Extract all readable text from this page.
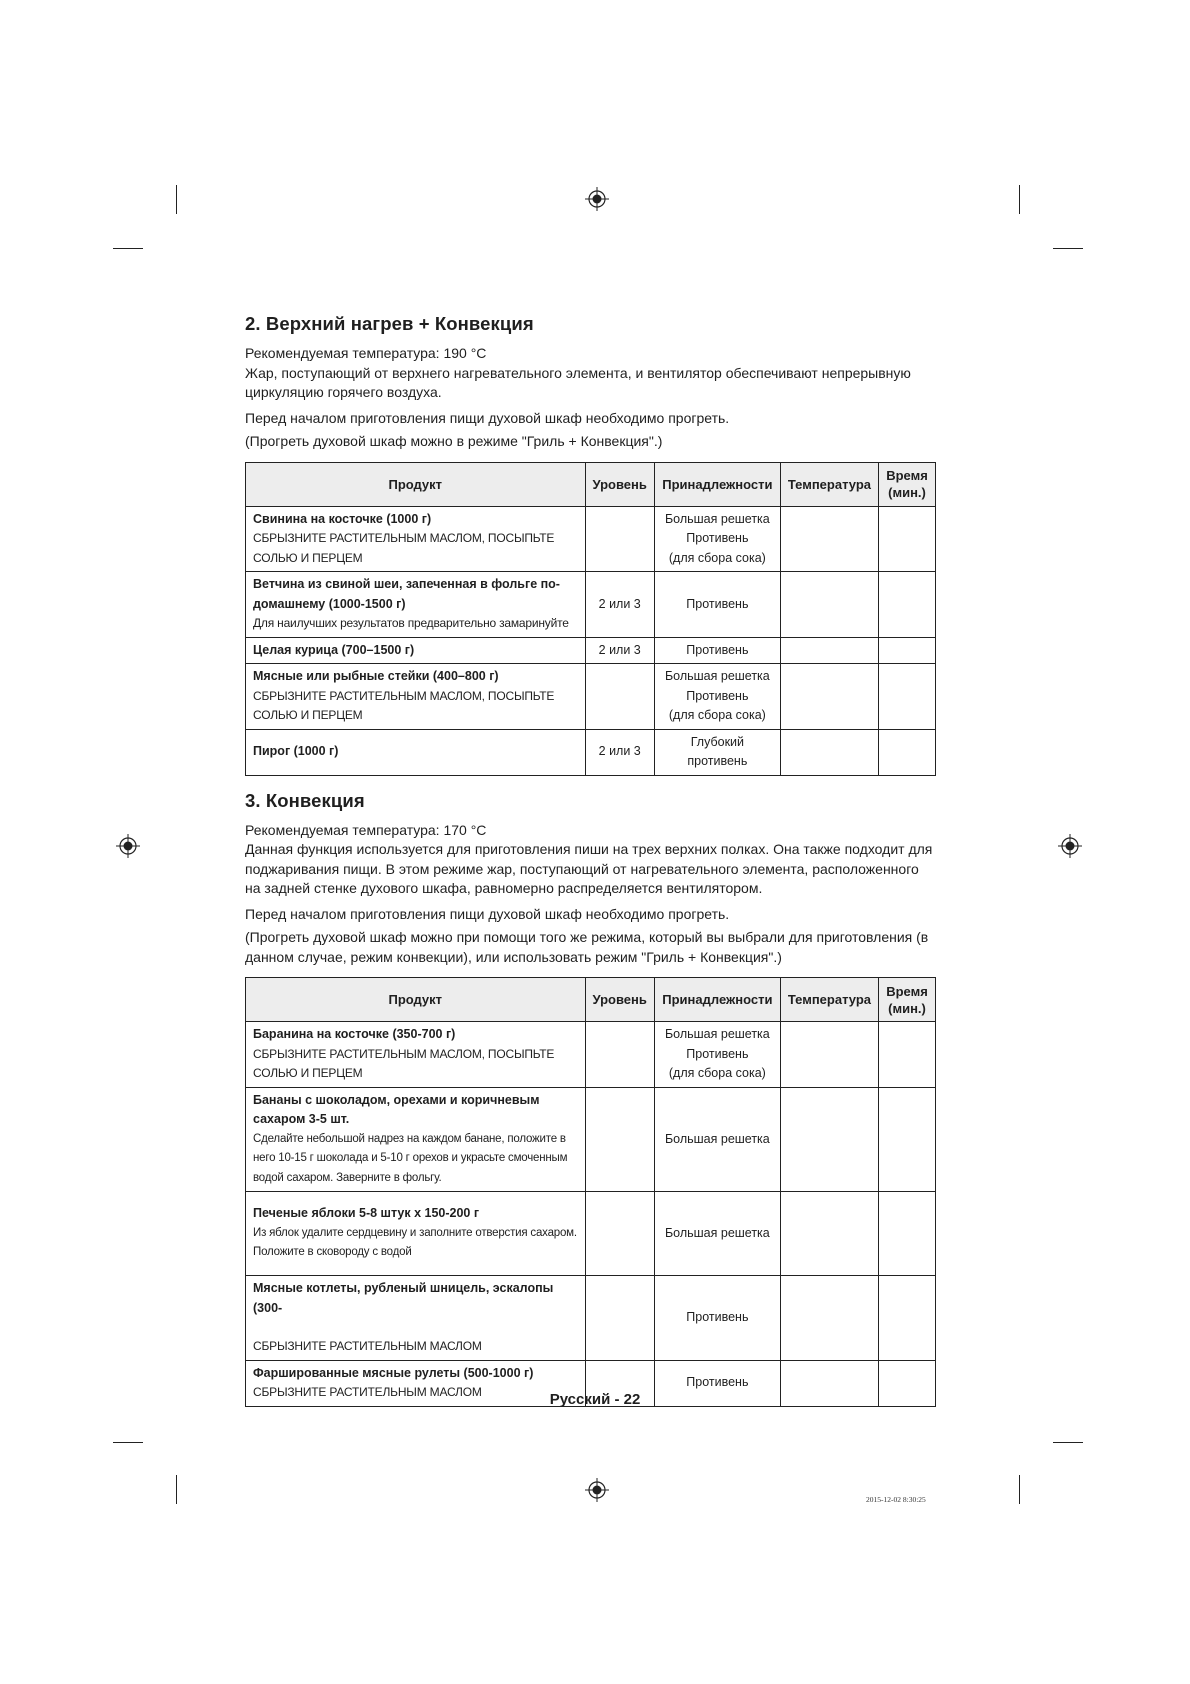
2. Верхний нагрев + Конвекция

Рекомендуемая температура: 190 °C

Жар, поступающий от верхнего нагревательного элемента, и вентилятор обеспечивают непрерывную циркуляцию горячего воздуха.

Перед началом приготовления пищи духовой шкаф необходимо прогреть.

(Прогреть духовой шкаф можно в режиме "Гриль + Конвекция".)

Продукт	Уровень	Принадлежности	Температура	Время (мин.)

Свинина на косточке (1000 г)
СБРЫЗНИТЕ РАСТИТЕЛЬНЫМ МАСЛОМ, ПОСЫПЬТЕ СОЛЬЮ И ПЕРЦЕМ		Большая решетка
Противень
(для сбора сока)		

Ветчина из свиной шеи, запеченная в фольге по-домашнему (1000-1500 г)
Для наилучших результатов предварительно замаринуйте	2 или 3	Противень		

Целая курица (700–1500 г)	2 или 3	Противень		

Мясные или рыбные стейки (400–800 г)
СБРЫЗНИТЕ РАСТИТЕЛЬНЫМ МАСЛОМ, ПОСЫПЬТЕ СОЛЬЮ И ПЕРЦЕМ		Большая решетка
Противень
(для сбора сока)		

Пирог (1000 г)	2 или 3	Глубокий противень		

3. Конвекция

Рекомендуемая температура: 170 °C

Данная функция используется для приготовления пиши на трех верхних полках. Она также подходит для поджаривания пищи. В этом режиме жар, поступающий от нагревательного элемента, расположенного на задней стенке духового шкафа, равномерно распределяется вентилятором.

Перед началом приготовления пищи духовой шкаф необходимо прогреть.

(Прогреть духовой шкаф можно при помощи того же режима, который вы выбрали для приготовления (в данном случае, режим конвекции), или использовать режим "Гриль + Конвекция".)

Продукт	Уровень	Принадлежности	Температура	Время (мин.)

Баранина на косточке (350-700 г)
СБРЫЗНИТЕ РАСТИТЕЛЬНЫМ МАСЛОМ, ПОСЫПЬТЕ СОЛЬЮ И ПЕРЦЕМ		Большая решетка
Противень
(для сбора сока)		

Бананы с шоколадом, орехами и коричневым сахаром 3-5 шт.
Сделайте небольшой надрез на каждом банане, положите в него 10-15 г шоколада и 5-10 г орехов и украсьте смоченным водой сахаром. Заверните в фольгу.		Большая решетка		

Печеные яблоки 5-8 штук x 150-200 г
Из яблок удалите сердцевину и заполните отверстия сахаром. Положите в сковороду с водой		Большая решетка		

Мясные котлеты, рубленый шницель, эскалопы (300-
СБРЫЗНИТЕ РАСТИТЕЛЬНЫМ МАСЛОМ		Противень		

Фаршированные мясные рулеты (500-1000 г)
СБРЫЗНИТЕ РАСТИТЕЛЬНЫМ МАСЛОМ		Противень		

Русский - 22
2015-12-02 8:30:25
